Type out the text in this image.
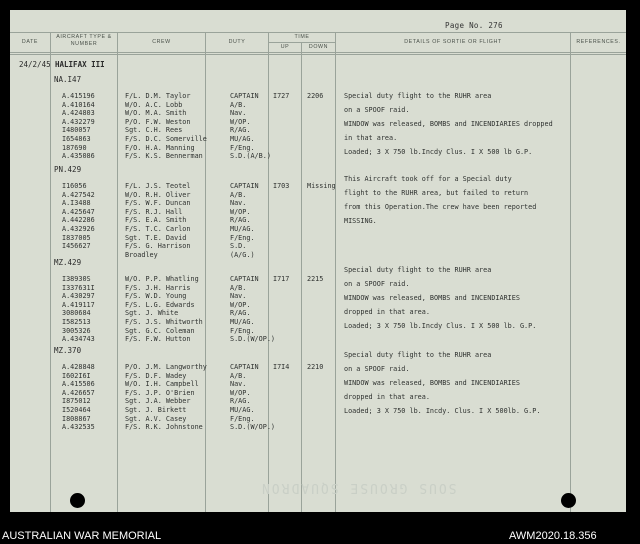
Page No. 276
DATE
AIRCRAFT TYPE & NUMBER	CREW	DUTY
TIME
UP	DOWN
DETAILS OF SORTIE OR FLIGHT	REFERENCES.
24/2/45 HALIFAX III
NA.I47
A.415196	F/L. D.M. Taylor	CAPTAIN I727	2206
A.410164	W/O. A.C. Lobb	A/B.
A.424803	W/O. M.A. Smith	Nav.
A.432279	P/O. F.W. Weston	W/OP.
I480057	Sgt. C.H. Rees	R/AG.
I654863	F/S. D.C. Somerville	MU/AG.
187690	F/O. H.A. Manning	F/Eng.
A.435086	F/S. K.S. Bennerman	S.D.(A/B.)
Special duty flight to the RUHR area
on a SPOOF raid.
WINDOW was released, BOMBS and INCENDIARIES dropped
in that area.
Loaded; 3 X 750 lb.Incdy Clus. I X 500 lb G.P.
PN.429
I16056	F/L. J.S. Teotel	CAPTAIN I703	Missing
A.427542	W/O. R.H. Oliver	A/B.
A.I3488	F/S. W.F. Duncan	Nav.
A.425647	F/S. R.J. Hall	W/OP.
A.442286	F/S. E.A. Smith	R/AG.
A.432926	F/S. T.C. Carlon	MU/AG.
I837005	Sgt. T.E. David	F/Eng.
I456627	F/S. G. Harrison	S.D.
Broadley	(A/G.)
This Aircraft took off for a Special duty
flight to the RUHR area, but failed to return
from this Operation.The crew have been reported
MISSING.
MZ.429
I38930S	W/O. P.P. Whatling	CAPTAIN I717	2215
I337631I	F/S. J.H. Harris	A/B.
A.430297	F/S. W.D. Young	Nav.
A.419117	F/S. L.G. Edwards	W/OP.
3080684	Sgt. J. White	R/AG.
I582513	F/S. J.S. Whitworth	MU/AG.
3005326	Sgt. G.C. Coleman	F/Eng.
A.434743	F/S. F.W. Hutton	S.D.(W/OP.)
Special duty flight to the RUHR area
on a SPOOF raid.
WINDOW was released, BOMBS and INCENDIARIES
dropped in that area.
Loaded; 3 X 750 lb.Incdy Clus. I X 500 lb. G.P.
MZ.370
A.428848	P/O. J.M. Langworthy	CAPTAIN I7I4	2210
I602I6I	F/S. D.F. Wadey	A/B.
A.415506	W/O. I.H. Campbell	Nav.
A.426657	F/S. J.P. O'Brien	W/OP.
I875012	Sgt. J.A. Webber	R/AG.
I520464	Sgt. J. Birkett	MU/AG.
I808867	Sgt. A.V. Casey	F/Eng.
A.432535	F/S. R.K. Johnstone	S.D.(W/OP.)
Special duty flight to the RUHR area
on a SPOOF raid.
WINDOW was released, BOMBS and INCENDIARIES
dropped in that area.
Loaded; 3 X 750 lb. Incdy. Clus. I X 500lb. G.P.
SOUS GROUSE SQUADRON
AUSTRALIAN WAR MEMORIAL	AWM2020.18.356
